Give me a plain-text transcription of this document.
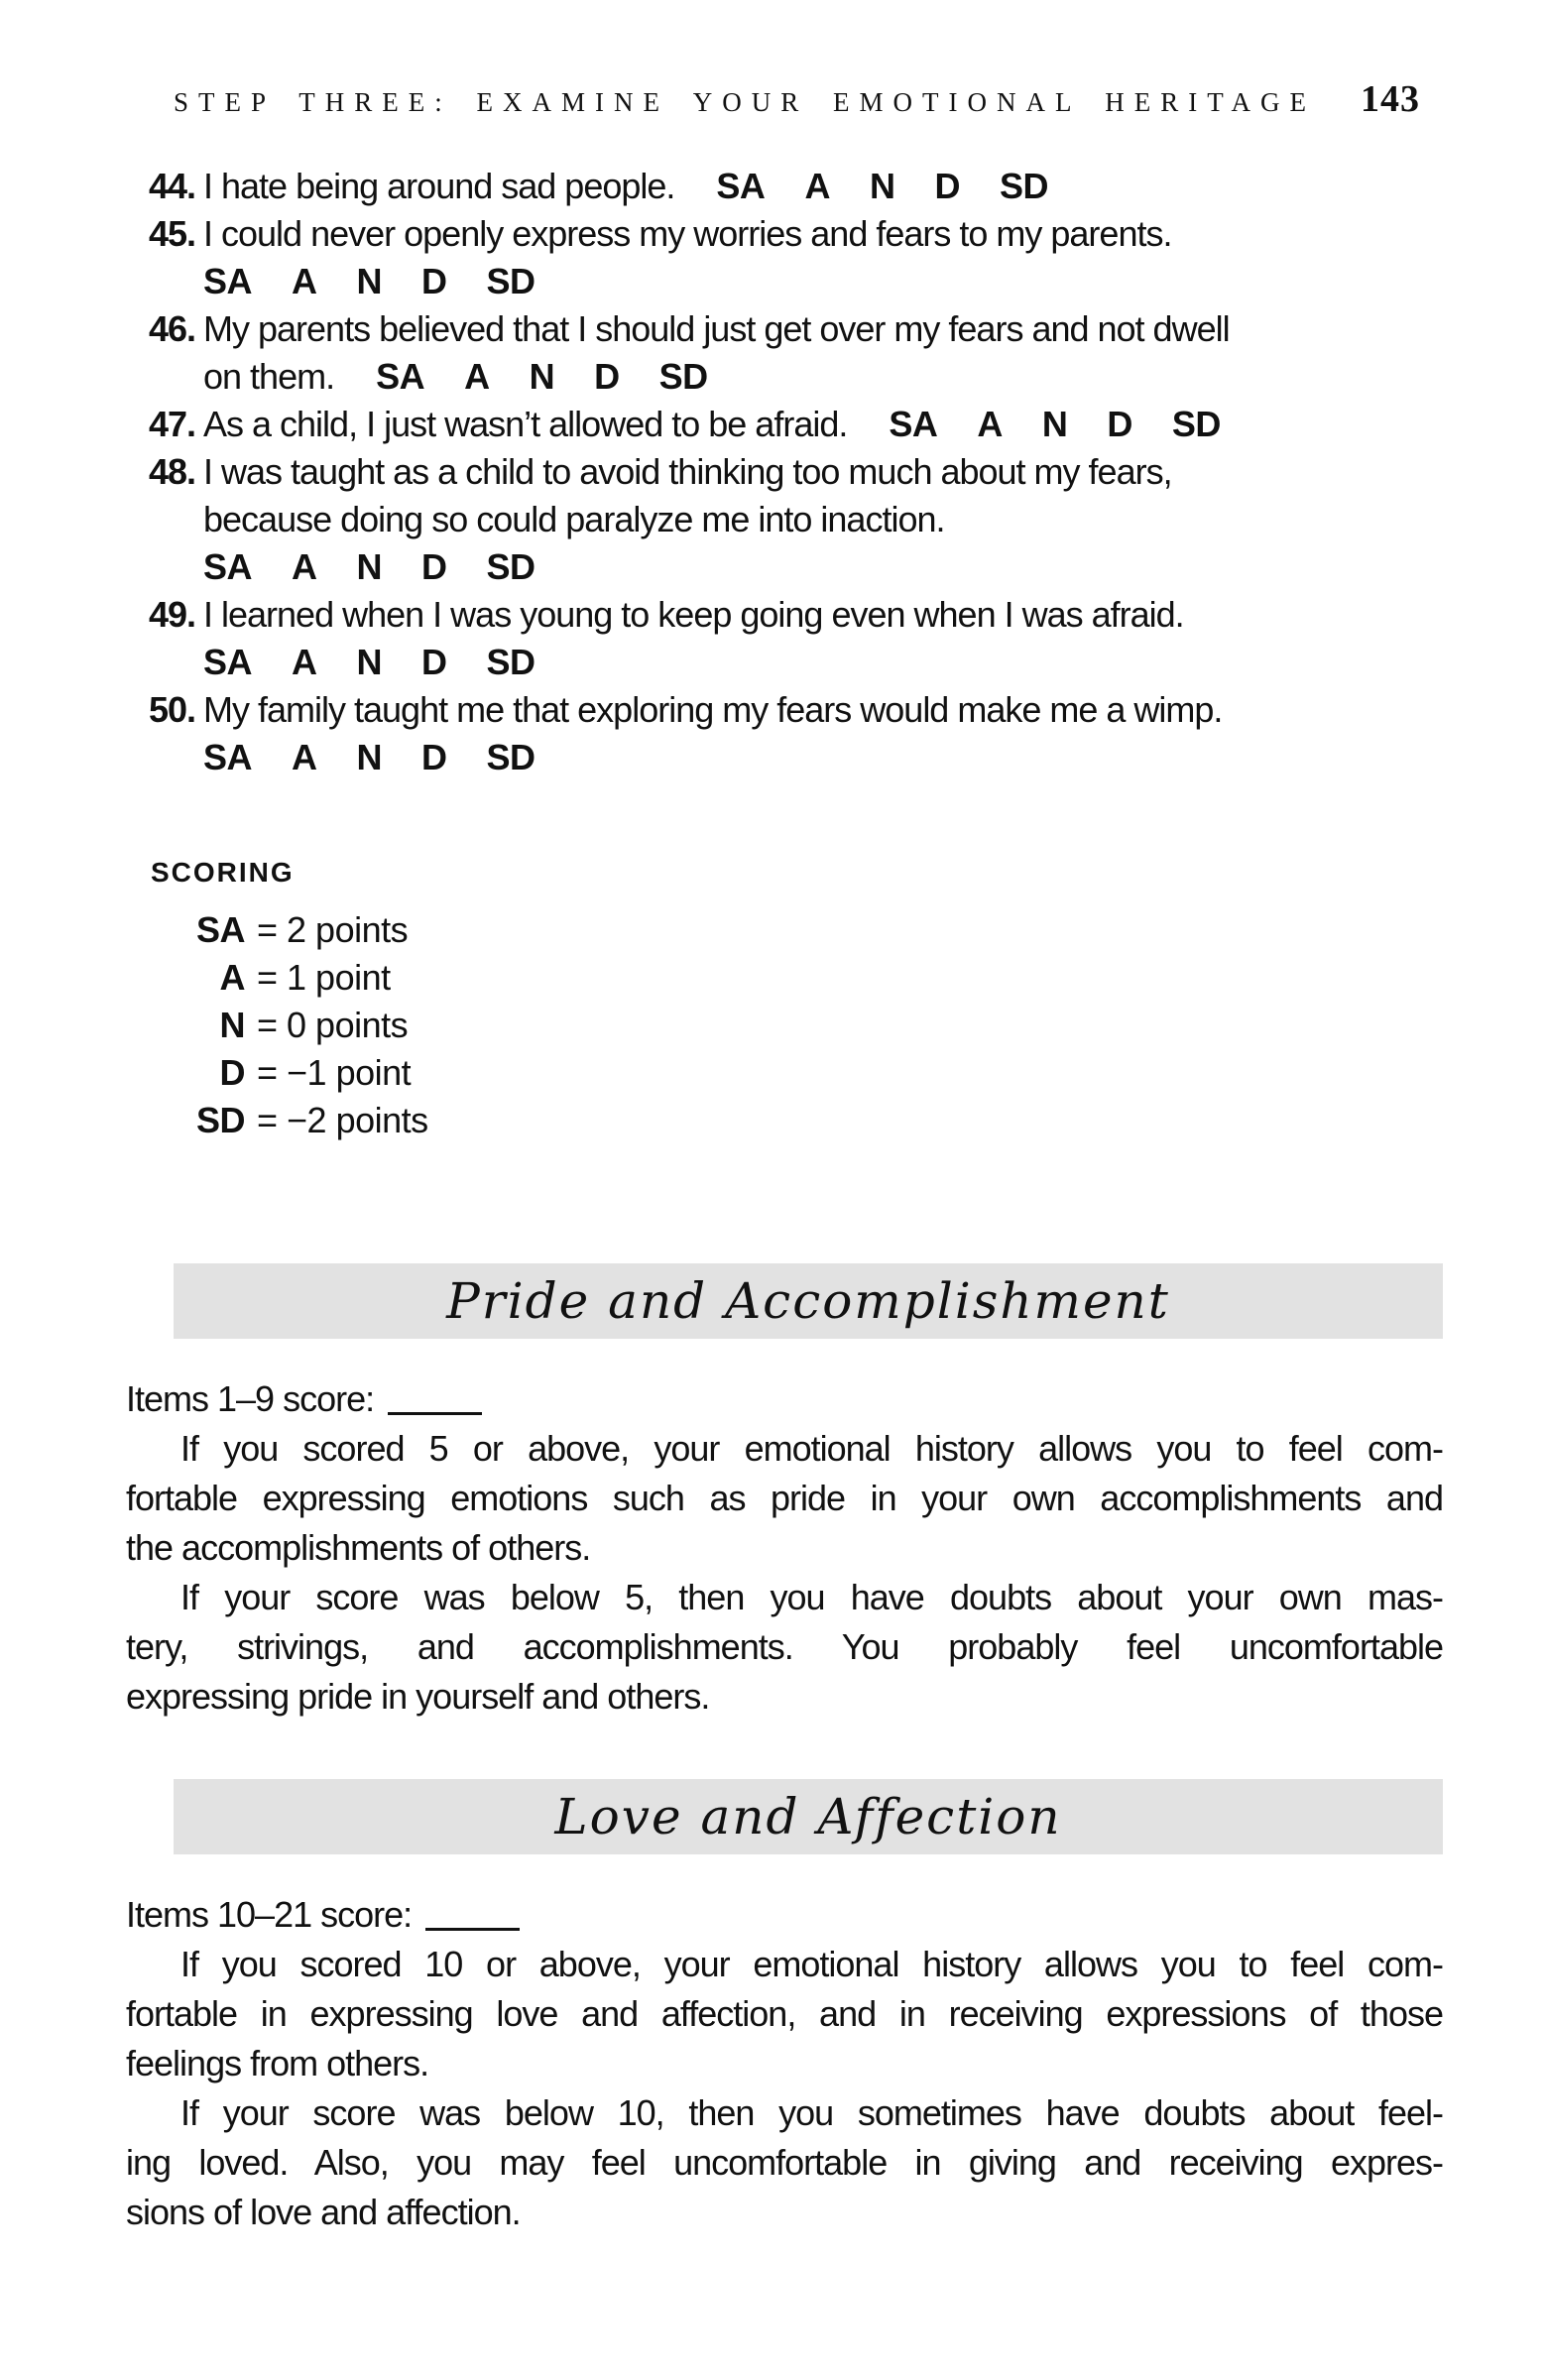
STEP THREE: EXAMINE YOUR EMOTIONAL HERITAGE 143
44. I hate being around sad people. SA A N D SD
45. I could never openly express my worries and fears to my parents.
SA A N D SD
46. My parents believed that I should just get over my fears and not dwell
on them. SA A N D SD
47. As a child, I just wasn’t allowed to be afraid. SA A N D SD
48. I was taught as a child to avoid thinking too much about my fears,
because doing so could paralyze me into inaction.
SA A N D SD
49. I learned when I was young to keep going even when I was afraid.
SA A N D SD
50. My family taught me that exploring my fears would make me a wimp.
SA A N D SD
SCORING
SA = 2 points
A = 1 point
N = 0 points
D = −1 point
SD = −2 points
Pride and Accomplishment
Items 1–9 score:
If you scored 5 or above, your emotional history allows you to feel com-
fortable expressing emotions such as pride in your own accomplishments and
the accomplishments of others.
If your score was below 5, then you have doubts about your own mas-
tery, strivings, and accomplishments. You probably feel uncomfortable
expressing pride in yourself and others.
Love and Affection
Items 10–21 score:
If you scored 10 or above, your emotional history allows you to feel com-
fortable in expressing love and affection, and in receiving expressions of those
feelings from others.
If your score was below 10, then you sometimes have doubts about feel-
ing loved. Also, you may feel uncomfortable in giving and receiving expres-
sions of love and affection.
